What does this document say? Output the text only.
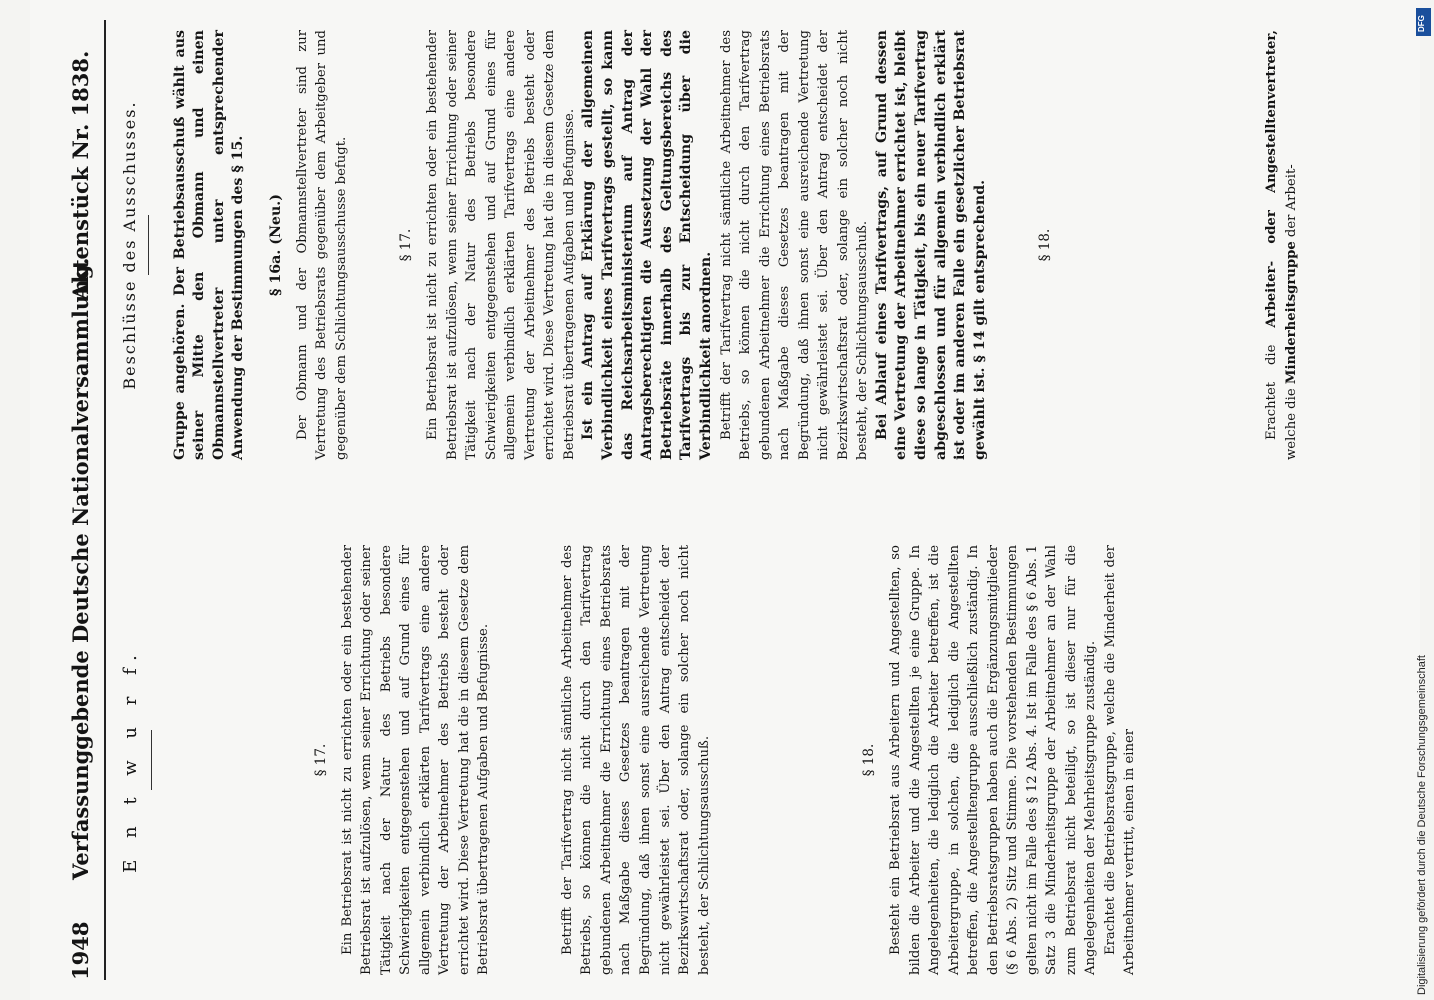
1948
Verfassunggebende Deutsche Nationalversammlung.
Aktenstück Nr. 1838.
E n t w u r f.	§ 17. Ein Betriebsrat ist nicht zu errichten oder ein bestehender Betriebsrat ist aufzulösen, wenn seiner Errichtung oder seiner Tätigkeit nach der Natur des Betriebs besondere Schwierigkeiten entgegenstehen und auf Grund eines für allgemein verbindlich erklärten Tarifvertrags eine andere Vertretung der Arbeitnehmer des Betriebs besteht oder errichtet wird. Diese Vertretung hat die in diesem Gesetze dem Betriebsrat übertragenen Aufgaben und Befugnisse.	Betrifft der Tarifvertrag nicht sämtliche Arbeitnehmer des Betriebs, so können die nicht durch den Tarifvertrag gebundenen Arbeitnehmer die Errichtung eines Betriebsrats nach Maßgabe dieses Gesetzes beantragen mit der Begründung, daß ihnen sonst eine ausreichende Vertretung nicht gewährleistet sei. Über den Antrag entscheidet der Bezirkswirtschaftsrat oder, solange ein solcher noch nicht besteht, der Schlichtungsausschuß.	§ 18. Besteht ein Betriebsrat aus Arbeitern und Angestellten, so bilden die Arbeiter und die Angestellten je eine Gruppe. In Angelegenheiten, die lediglich die Arbeiter betreffen, ist die Arbeitergruppe, in solchen, die lediglich die Angestellten betreffen, die Angestelltengruppe ausschließlich zuständig. In den Betriebsratsgruppen haben auch die Ergänzungsmitglieder (§ 6 Abs. 2) Sitz und Stimme. Die vorstehenden Bestimmungen gelten nicht im Falle des § 12 Abs. 4. Ist im Falle des § 6 Abs. 1 Satz 3 die Minderheitsgruppe der Arbeitnehmer an der Wahl zum Betriebsrat nicht beteiligt, so ist dieser nur für die Angelegenheiten der Mehrheitsgruppe zuständig. Erachtet die Betriebsratsgruppe, welche die Minderheit der Arbeitnehmer vertritt, einen in einer

Beschlüsse des Ausschusses. Gruppe angehören. Der Betriebsausschuß wählt aus seiner Mitte den Obmann und einen Obmannstellvertreter unter entsprechender Anwendung der Bestimmungen des § 15. § 16a. (Neu.) Der Obmann und der Obmannstellvertreter sind zur Vertretung des Betriebsrats gegenüber dem Arbeitgeber und gegenüber dem Schlichtungsausschusse befugt.	§ 17. Ein Betriebsrat ist nicht zu errichten oder ein bestehender Betriebsrat ist aufzulösen, wenn seiner Errichtung oder seiner Tätigkeit nach der Natur des Betriebs besondere Schwierigkeiten entgegenstehen und auf Grund eines für allgemein verbindlich erklärten Tarifvertrags eine andere Vertretung der Arbeitnehmer des Betriebs besteht oder errichtet wird. Diese Vertretung hat die in diesem Gesetze dem Betriebsrat übertragenen Aufgaben und Befugnisse. Ist ein Antrag auf Erklärung der allgemeinen Verbindlichkeit eines Tarifvertrags gestellt, so kann das Reichsarbeitsministerium auf Antrag der Antragsberechtigten die Aussetzung der Wahl der Betriebsräte innerhalb des Geltungsbereichs des Tarifvertrags bis zur Entscheidung über die Verbindlichkeit anordnen. Betrifft der Tarifvertrag nicht sämtliche Arbeitnehmer des Betriebs, so können die nicht durch den Tarifvertrag gebundenen Arbeitnehmer die Errichtung eines Betriebsrats nach Maßgabe dieses Gesetzes beantragen mit der Begründung, daß ihnen sonst eine ausreichende Vertretung nicht gewährleistet sei. Über den Antrag entscheidet der Bezirkswirtschaftsrat oder, solange ein solcher noch nicht besteht, der Schlichtungsausschuß. Bei Ablauf eines Tarifvertrags, auf Grund dessen eine Vertretung der Arbeitnehmer errichtet ist, bleibt diese so lange in Tätigkeit, bis ein neuer Tarifvertrag abgeschlossen und für allgemein verbindlich erklärt ist oder im anderen Falle ein gesetzlicher Betriebsrat gewählt ist. § 14 gilt entsprechend.	§ 18.

Erachtet die Arbeiter- oder Angestelltenvertreter, welche die Minderheitsgruppe der Arbeit-

DFG
Digitalisierung gefördert durch die Deutsche Forschungsgemeinschaft
